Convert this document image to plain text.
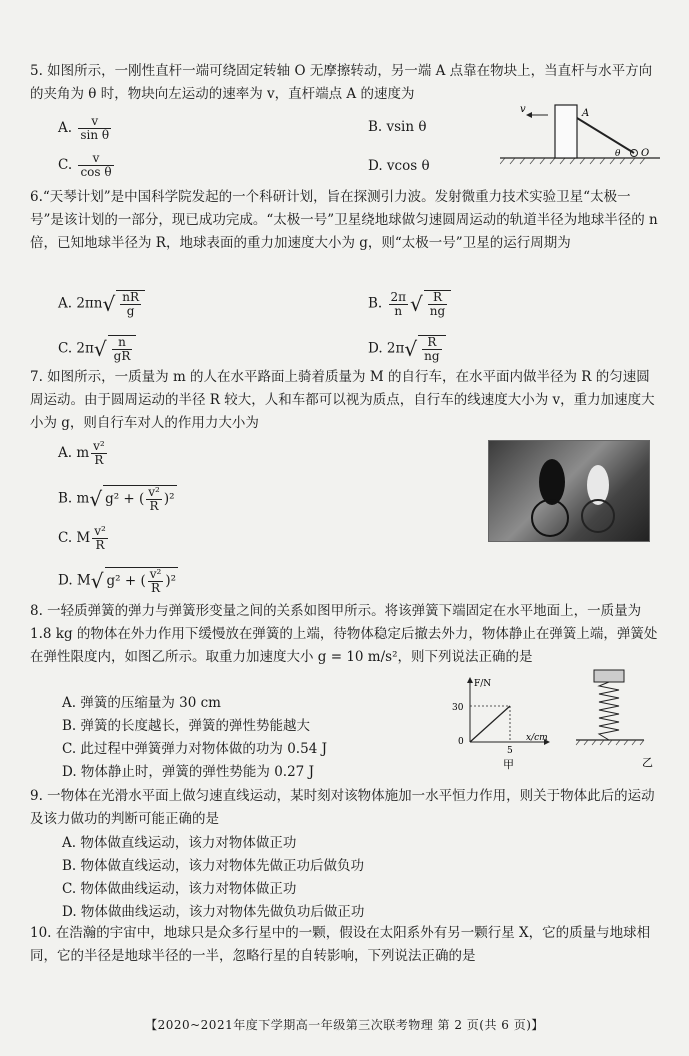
5. 如图所示，一刚性直杆一端可绕固定转轴 O 无摩擦转动，另一端 A 点靠在物块上，当直杆与水平方向的夹角为 θ 时，物块向左运动的速率为 v，直杆端点 A 的速度为
A. $\frac{v}{\text{sin θ}}$	B. vsin θ
C. $\frac{v}{\text{cos θ}}$	D. vcos θ
v	A
θ O
6.“天琴计划”是中国科学院发起的一个科研计划，旨在探测引力波。发射微重力技术实验卫星“太极一号”是该计划的一部分，现已成功完成。“太极一号”卫星绕地球做匀速圆周运动的轨道半径为地球半径的 n 倍，已知地球半径为 R，地球表面的重力加速度大小为 g，则“太极一号”卫星的运行周期为
A. $2\pi n√ \frac{nR}{g}$	B. $\frac{2\pi}{n}$ √ $\frac{R}{ng}$
C. $2\pi√ \frac{n}{gR}$	D. $2\pi√ \frac{R}{ng}$
7. 如图所示，一质量为 m 的人在水平路面上骑着质量为 M 的自行车，在水平面内做半径为 R 的匀速圆周运动。由于圆周运动的半径 R 较大，人和车都可以视为质点，自行车的线速度大小为 v，重力加速度大小为 g，则自行车对人的作用力大小为
A. m $\frac{\text{v²}}{R}$
B. m√ g² + ( $\frac{\text{v²}}{R} )^2$
C. M $\frac{\text{v²}}{R}$
D. M√ g² + ( $\frac{\text{v²}}{R} )^2$
8. 一轻质弹簧的弹力与弹簧形变量之间的关系如图甲所示。将该弹簧下端固定在水平地面上，一质量为 1.8 kg 的物体在外力作用下缓慢放在弹簧的上端，待物体稳定后撤去外力，物体静止在弹簧上端，弹簧处在弹性限度内，如图乙所示。取重力加速度大小 g = 10 m/s²，则下列说法正确的是
A. 弹簧的压缩量为 30 cm
B. 弹簧的长度越长，弹簧的弹性势能越大
C. 此过程中弹簧弹力对物体做的功为 0.54 J
D. 物体静止时，弹簧的弹性势能为 0.27 J
F/N
30
0
5
x/cm
甲	乙
9. 一物体在光滑水平面上做匀速直线运动，某时刻对该物体施加一水平恒力作用，则关于物体此后的运动及该力做功的判断可能正确的是
A. 物体做直线运动，该力对物体做正功
B. 物体做直线运动，该力对物体先做正功后做负功
C. 物体做曲线运动，该力对物体做正功
D. 物体做曲线运动，该力对物体先做负功后做正功
10. 在浩瀚的宇宙中，地球只是众多行星中的一颗，假设在太阳系外有另一颗行星 X，它的质量与地球相同，它的半径是地球半径的一半，忽略行星的自转影响，下列说法正确的是
【2020~2021年度下学期高一年级第三次联考物理 第 2 页(共 6 页)】
